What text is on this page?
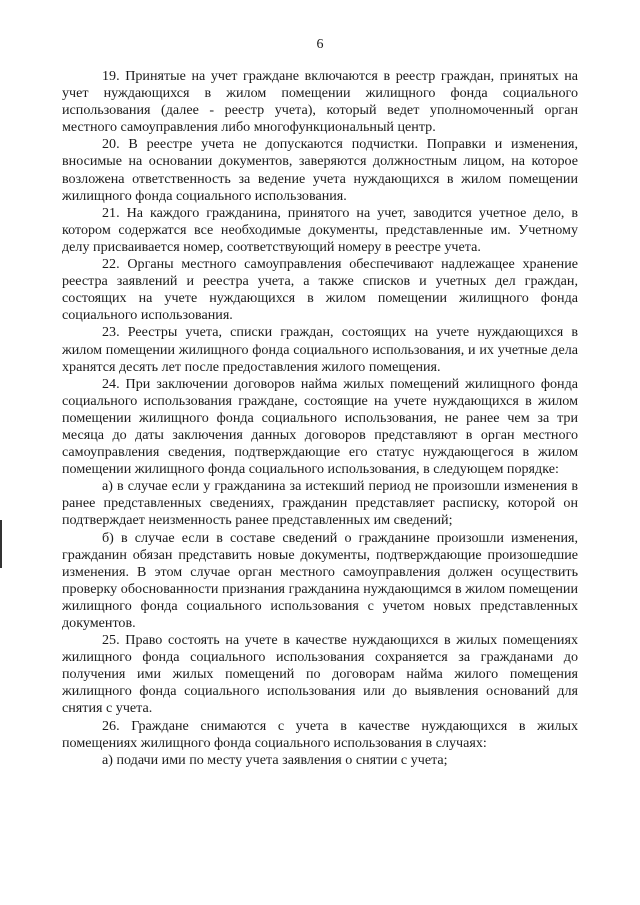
6

19. Принятые на учет граждане включаются в реестр граждан, принятых на учет нуждающихся в жилом помещении жилищного фонда социального использования (далее - реестр учета), который ведет уполномоченный орган местного самоуправления либо многофункциональный центр.

20. В реестре учета не допускаются подчистки. Поправки и изменения, вносимые на основании документов, заверяются должностным лицом, на которое возложена ответственность за ведение учета нуждающихся в жилом помещении жилищного фонда социального использования.

21. На каждого гражданина, принятого на учет, заводится учетное дело, в котором содержатся все необходимые документы, представленные им. Учетному делу присваивается номер, соответствующий номеру в реестре учета.

22. Органы местного самоуправления обеспечивают надлежащее хранение реестра заявлений и реестра учета, а также списков и учетных дел граждан, состоящих на учете нуждающихся в жилом помещении жилищного фонда социального использования.

23. Реестры учета, списки граждан, состоящих на учете нуждающихся в жилом помещении жилищного фонда социального использования, и их учетные дела хранятся десять лет после предоставления жилого помещения.

24. При заключении договоров найма жилых помещений жилищного фонда социального использования граждане, состоящие на учете нуждающихся в жилом помещении жилищного фонда социального использования, не ранее чем за три месяца до даты заключения данных договоров представляют в орган местного самоуправления сведения, подтверждающие его статус нуждающегося в жилом помещении жилищного фонда социального использования, в следующем порядке:

а) в случае если у гражданина за истекший период не произошли изменения в ранее представленных сведениях, гражданин представляет расписку, которой он подтверждает неизменность ранее представленных им сведений;

б) в случае если в составе сведений о гражданине произошли изменения, гражданин обязан представить новые документы, подтверждающие произошедшие изменения. В этом случае орган местного самоуправления должен осуществить проверку обоснованности признания гражданина нуждающимся в жилом помещении жилищного фонда социального использования с учетом новых представленных документов.

25. Право состоять на учете в качестве нуждающихся в жилых помещениях жилищного фонда социального использования сохраняется за гражданами до получения ими жилых помещений по договорам найма жилого помещения жилищного фонда социального использования или до выявления оснований для снятия с учета.

26. Граждане снимаются с учета в качестве нуждающихся в жилых помещениях жилищного фонда социального использования в случаях:

а) подачи ими по месту учета заявления о снятии с учета;
